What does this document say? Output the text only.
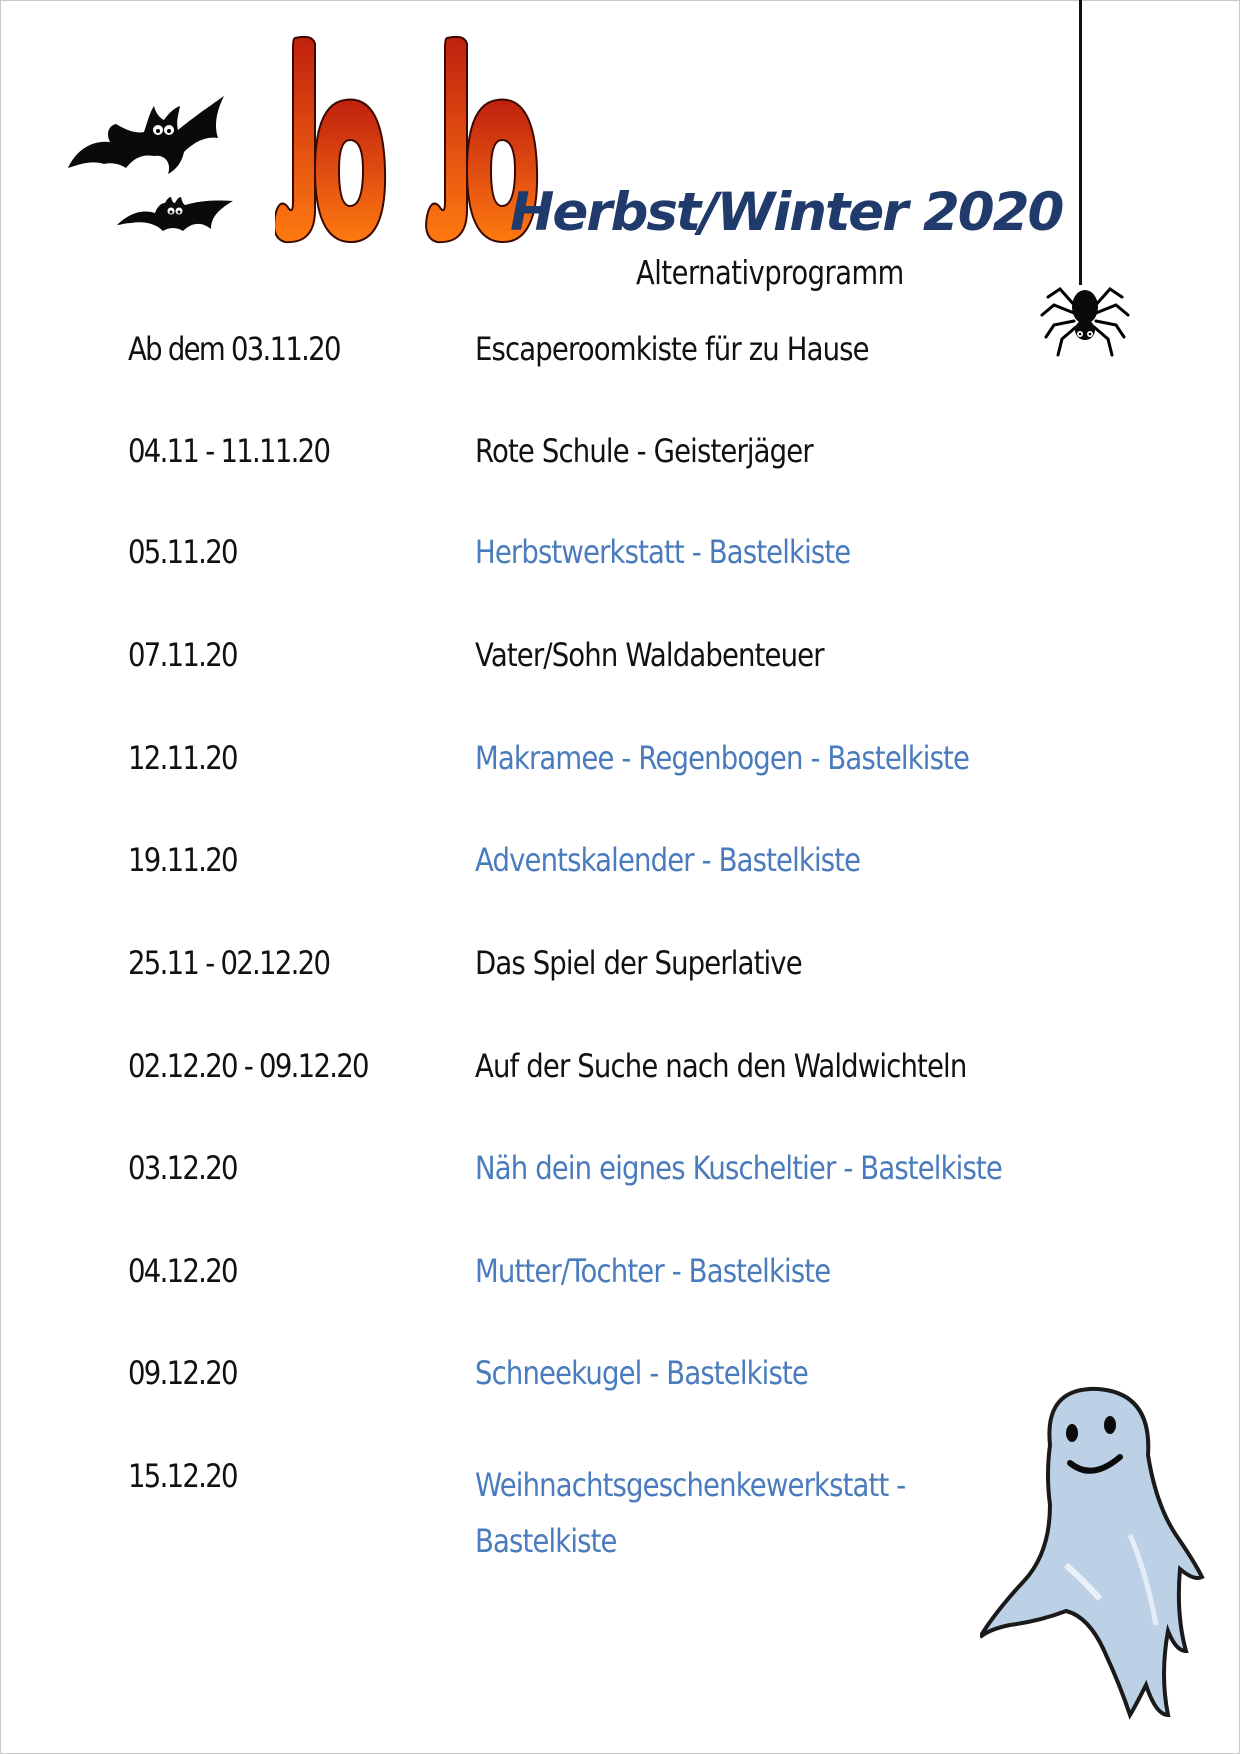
Herbst/Winter 2020
Alternativprogramm
Ab dem 03.11.20	Escaperoomkiste für zu Hause
04.11 - 11.11.20	Rote Schule - Geisterjäger
05.11.20	Herbstwerkstatt - Bastelkiste
07.11.20	Vater/Sohn Waldabenteuer
12.11.20	Makramee - Regenbogen - Bastelkiste
19.11.20	Adventskalender - Bastelkiste
25.11 - 02.12.20	Das Spiel der Superlative
02.12.20 - 09.12.20	Auf der Suche nach den Waldwichteln
03.12.20	Näh dein eignes Kuscheltier - Bastelkiste
04.12.20	Mutter/Tochter - Bastelkiste
09.12.20	Schneekugel - Bastelkiste
15.12.20	Weihnachtsgeschenkewerkstatt -
Bastelkiste
